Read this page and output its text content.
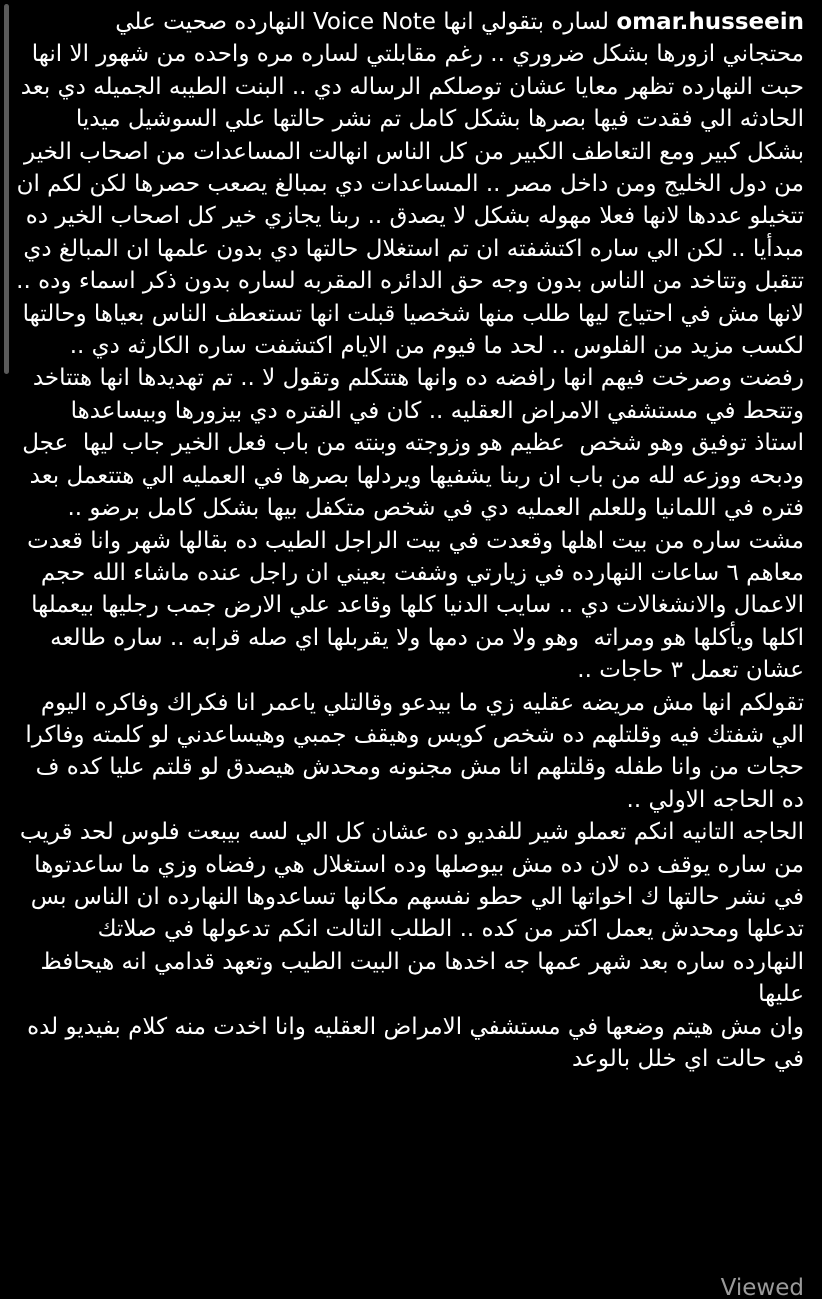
omar.husseein لساره بتقولي انها Voice Note النهارده صحيت علي

محتجاني ازورها بشكل ضروري .. رغم مقابلتي لساره مره واحده من شهور الا انها حبت النهارده تظهر معايا عشان توصلكم الرساله دي .. البنت الطيبه الجميله دي بعد الحادثه الي فقدت فيها بصرها بشكل كامل تم نشر حالتها علي السوشيل ميديا بشكل كبير ومع التعاطف الكبير من كل الناس انهالت المساعدات من اصحاب الخير من دول الخليج ومن داخل مصر .. المساعدات دي بمبالغ يصعب حصرها لكن لكم ان تتخيلو عددها لانها فعلا مهوله بشكل لا يصدق .. ربنا يجازي خير كل اصحاب الخير ده مبدأيا .. لكن الي ساره اكتشفته ان تم استغلال حالتها دي بدون علمها ان المبالغ دي تتقبل وتتاخد من الناس بدون وجه حق الدائره المقربه لساره بدون ذكر اسماء وده .. لانها مش في احتياج ليها طلب منها شخصيا قبلت انها تستعطف الناس بعياها وحالتها لكسب مزيد من الفلوس .. لحد ما فيوم من الايام اكتشفت ساره الكارثه دي .. رفضت وصرخت فيهم انها رافضه ده وانها هتتكلم وتقول لا .. تم تهديدها انها هتتاخد وتتحط في مستشفي الامراض العقليه .. كان في الفتره دي بيزورها وبيساعدها استاذ توفيق وهو شخص  عظيم هو وزوجته وبنته من باب فعل الخير جاب ليها  عجل ودبحه ووزعه لله من باب ان ربنا يشفيها ويردلها بصرها في العمليه الي هتتعمل بعد فتره في اللمانيا وللعلم العمليه دي في شخص متكفل بيها بشكل كامل برضو .. مشت ساره من بيت اهلها وقعدت في بيت الراجل الطيب ده بقالها شهر وانا قعدت معاهم ٦ ساعات النهارده في زيارتي وشفت بعيني ان راجل عنده ماشاء الله حجم الاعمال والانشغالات دي .. سايب الدنيا كلها وقاعد علي الارض جمب رجليها بيعملها اكلها ويأكلها هو ومراته  وهو ولا من دمها ولا يقربلها اي صله قرابه .. ساره طالعه عشان تعمل ٣ حاجات ..

تقولكم انها مش مريضه عقليه زي ما بيدعو وقالتلي ياعمر انا فكراك وفاكره اليوم الي شفتك فيه وقلتلهم ده شخص كويس وهيقف جمبي وهيساعدني لو كلمته وفاكرا حجات من وانا طفله وقلتلهم انا مش مجنونه ومحدش هيصدق لو قلتم عليا كده ف ده الحاجه الاولي ..

الحاجه التانيه انكم تعملو شير للفديو ده عشان كل الي لسه بيبعت فلوس لحد قريب من ساره يوقف ده لان ده مش بيوصلها وده استغلال هي رفضاه وزي ما ساعدتوها في نشر حالتها ك اخواتها الي حطو نفسهم مكانها تساعدوها النهارده ان الناس بس تدعلها ومحدش يعمل اكتر من كده .. الطلب التالت انكم تدعولها في صلاتك

النهارده ساره بعد شهر عمها جه اخدها من البيت الطيب وتعهد قدامي انه هيحافظ عليها

وان مش هيتم وضعها في مستشفي الامراض العقليه وانا اخدت منه كلام بفيديو لده في حالت اي خلل بالوعد

Viewed
